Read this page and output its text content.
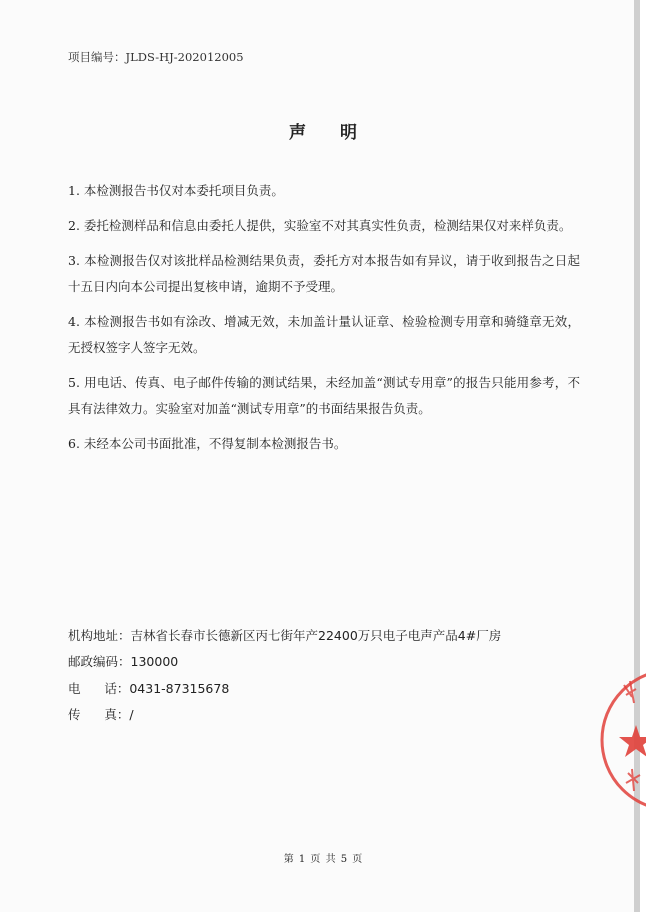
项目编号：JLDS-HJ-202012005
声明
1. 本检测报告书仅对本委托项目负责。
2. 委托检测样品和信息由委托人提供，实验室不对其真实性负责，检测结果仅对来样负责。
3. 本检测报告仅对该批样品检测结果负责，委托方对本报告如有异议，请于收到报告之日起十五日内向本公司提出复核申请，逾期不予受理。
4. 本检测报告书如有涂改、增减无效，未加盖计量认证章、检验检测专用章和骑缝章无效，无授权签字人签字无效。
5. 用电话、传真、电子邮件传输的测试结果，未经加盖“测试专用章”的报告只能用参考，不具有法律效力。实验室对加盖“测试专用章”的书面结果报告负责。
6. 未经本公司书面批准，不得复制本检测报告书。
机构地址：吉林省长春市长德新区丙七街年产22400万只电子电声产品4#厂房
邮政编码：130000
电      话：0431-87315678
传      真：/
第 1 页 共 5 页
